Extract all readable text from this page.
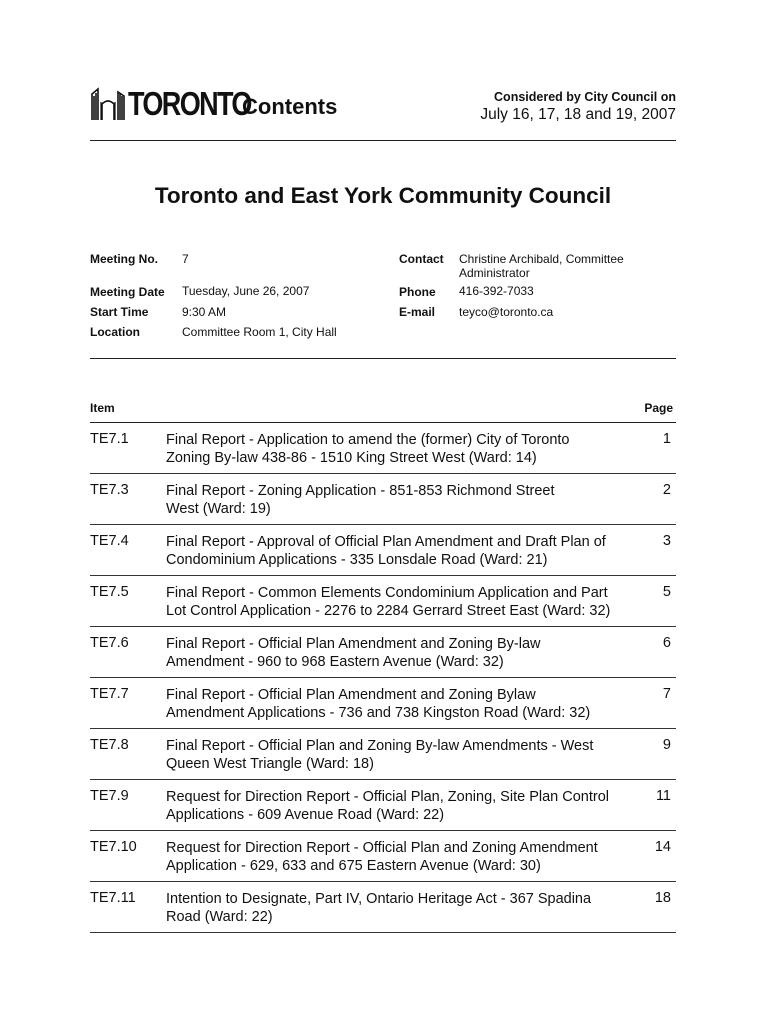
TORONTO
Contents	Considered by City Council on
July 16, 17, 18 and 19, 2007
Toronto and East York Community Council
Meeting No. 7
Meeting Date Tuesday, June 26, 2007
Start Time	9:30 AM
Location	Committee Room 1, City Hall
Contact Christine Archibald, Committee
Administrator
Phone 416-392-7033
E-mail teyco@toronto.ca
Item	Page
TE7.1	Final Report - Application to amend the (former) City of Toronto
Zoning By-law 438-86 - 1510 King Street West (Ward: 14)
1
TE7.3	Final Report - Zoning Application - 851-853 Richmond Street
West (Ward: 19)
2
TE7.4	Final Report - Approval of Official Plan Amendment and Draft Plan of
Condominium Applications - 335 Lonsdale Road (Ward: 21)
3
TE7.5	Final Report - Common Elements Condominium Application and Part
Lot Control Application - 2276 to 2284 Gerrard Street East (Ward: 32)
5
TE7.6	Final Report - Official Plan Amendment and Zoning By-law
Amendment - 960 to 968 Eastern Avenue (Ward: 32)
6
TE7.7	Final Report - Official Plan Amendment and Zoning Bylaw
Amendment Applications - 736 and 738 Kingston Road (Ward: 32)
7
TE7.8	Final Report - Official Plan and Zoning By-law Amendments - West
Queen West Triangle (Ward: 18)
9
TE7.9	Request for Direction Report - Official Plan, Zoning, Site Plan Control
Applications - 609 Avenue Road (Ward: 22)
11
TE7.10 Request for Direction Report - Official Plan and Zoning Amendment
Application - 629, 633 and 675 Eastern Avenue (Ward: 30)
14
TE7.11 Intention to Designate, Part IV, Ontario Heritage Act - 367 Spadina
Road (Ward: 22)
18
